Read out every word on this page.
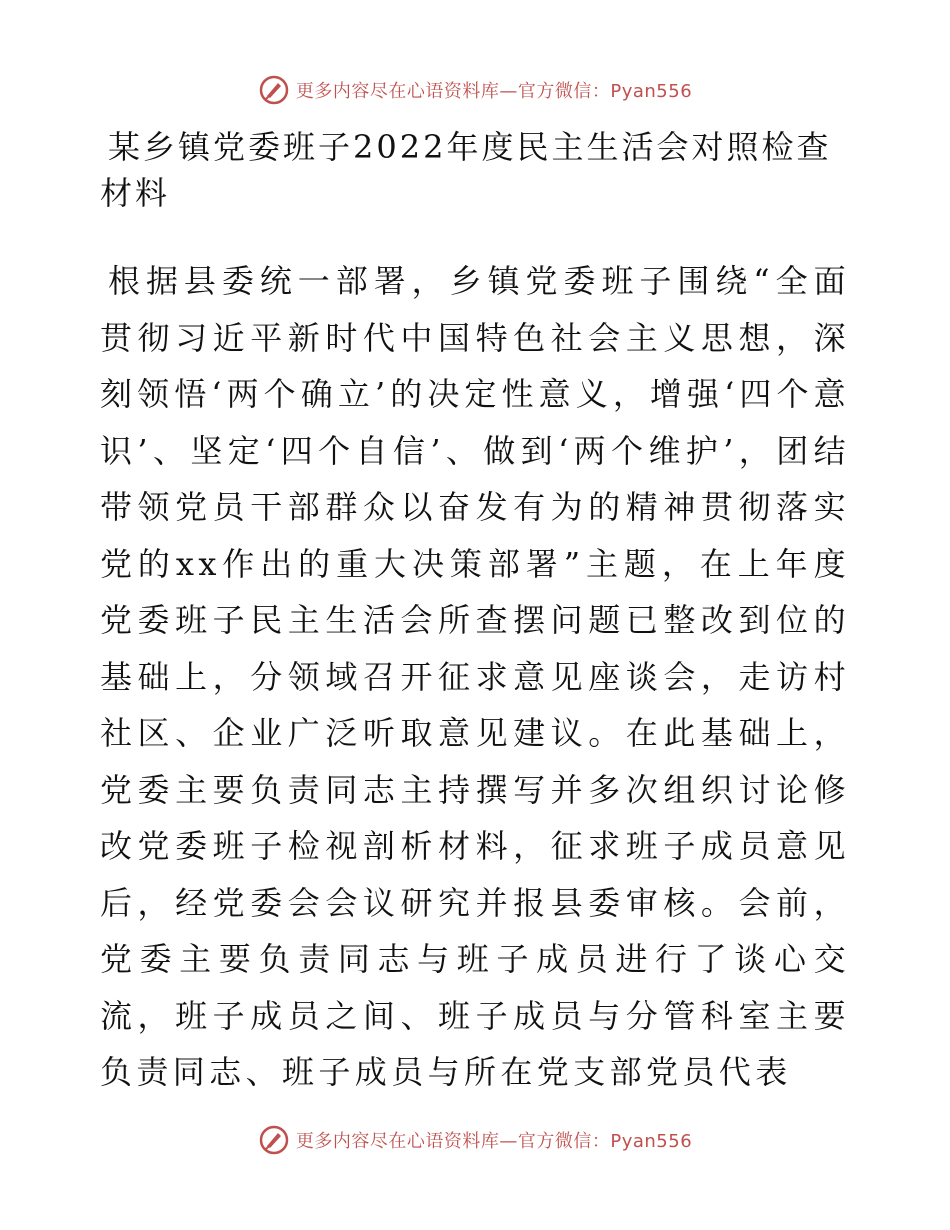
更多内容尽在心语资料库—官方微信：Pyan556
某乡镇党委班子2022年度民主生活会对照检查材料

根据县委统一部署，乡镇党委班子围绕“全面贯彻习近平新时代中国特色社会主义思想，深刻领悟‘两个确立’的决定性意义，增强‘四个意识’、坚定‘四个自信’、做到‘两个维护’，团结带领党员干部群众以奋发有为的精神贯彻落实党的xx作出的重大决策部署”主题，在上年度党委班子民主生活会所查摆问题已整改到位的基础上，分领域召开征求意见座谈会，走访村社区、企业广泛听取意见建议。在此基础上，党委主要负责同志主持撰写并多次组织讨论修改党委班子检视剖析材料，征求班子成员意见后，经党委会会议研究并报县委审核。会前，党委主要负责同志与班子成员进行了谈心交流，班子成员之间、班子成员与分管科室主要负责同志、班子成员与所在党支部党员代表

更多内容尽在心语资料库—官方微信：Pyan556
